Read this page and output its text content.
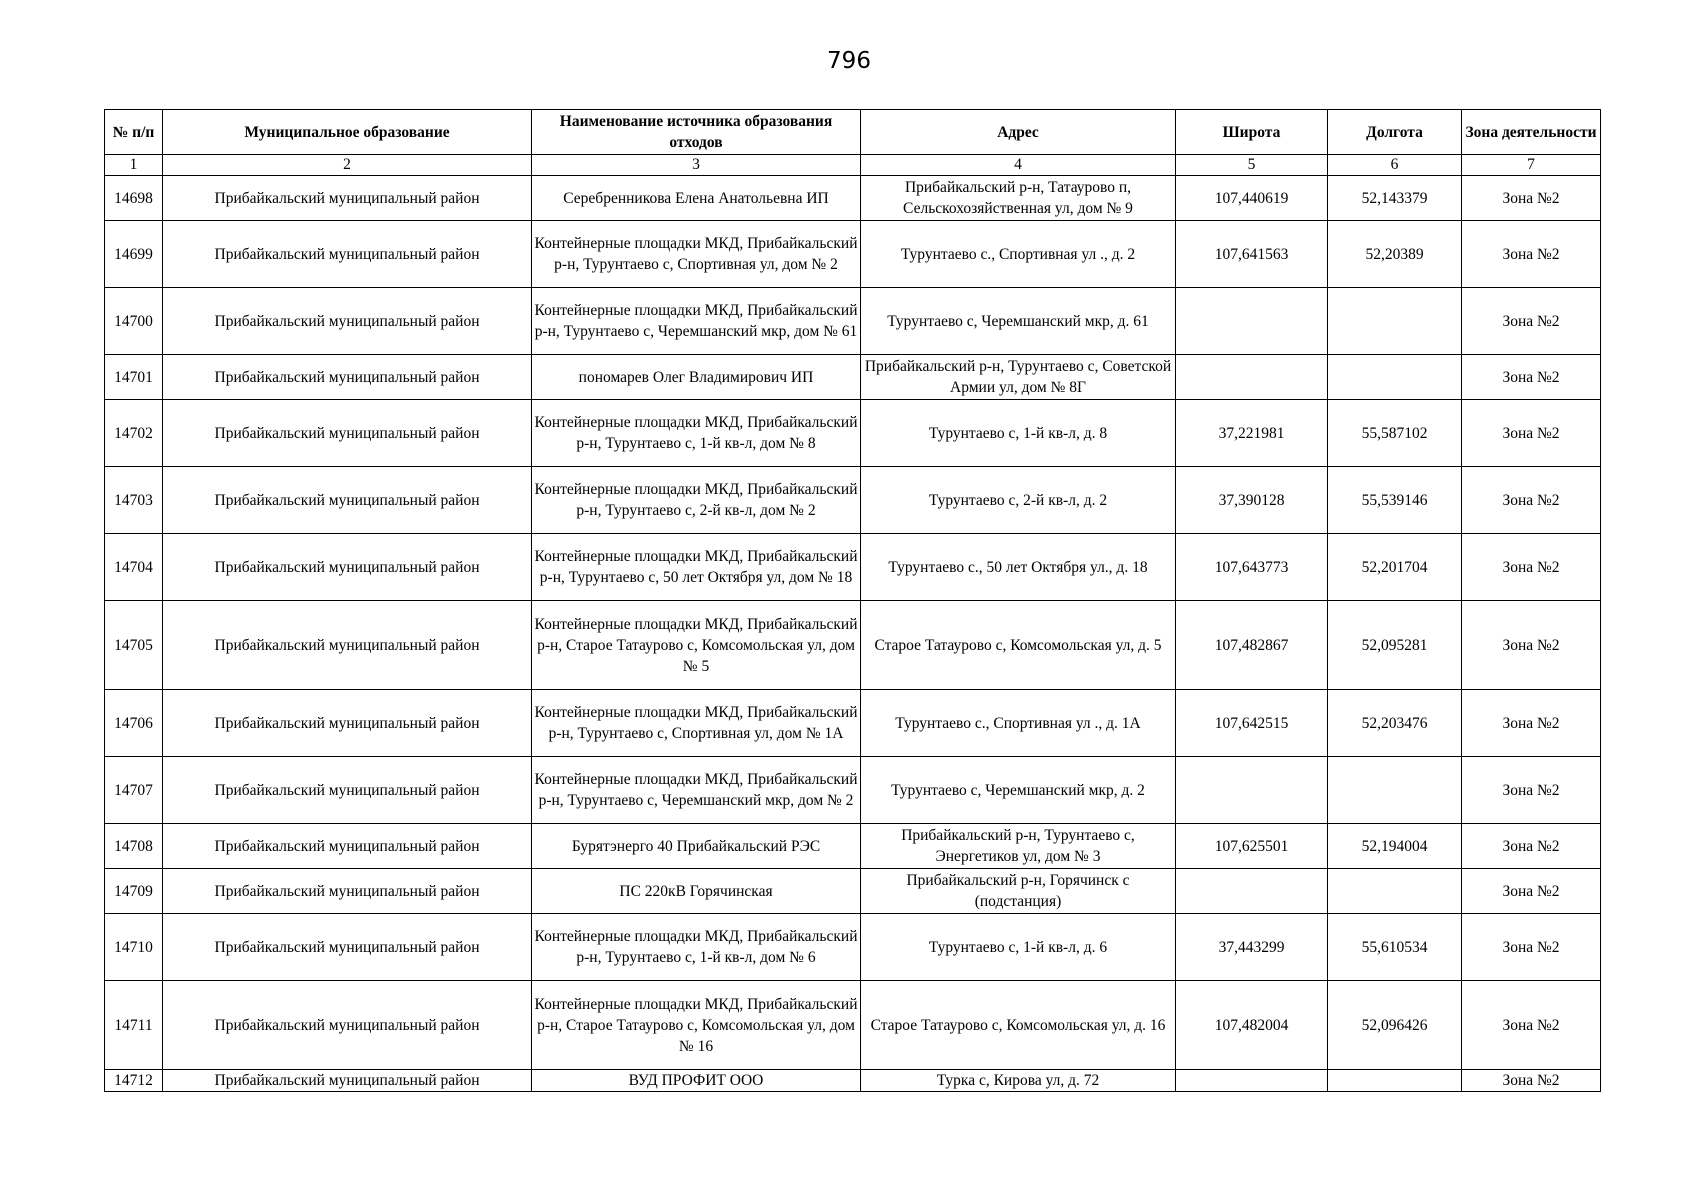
796
№ п/п	Муниципальное образование	Наименование источника образования отходов	Адрес	Широта	Долгота	Зона деятельности
1	2	3	4	5	6	7
14698	Прибайкальский муниципальный район	Серебренникова Елена Анатольевна ИП	Прибайкальский р-н, Татаурово п, Сельскохозяйственная ул, дом № 9	107,440619	52,143379	Зона №2
14699	Прибайкальский муниципальный район	Контейнерные площадки МКД, Прибайкальский р-н, Турунтаево с, Спортивная ул, дом № 2	Турунтаево с., Спортивная ул ., д. 2	107,641563	52,20389	Зона №2
14700	Прибайкальский муниципальный район	Контейнерные площадки МКД, Прибайкальский р-н, Турунтаево с, Черемшанский мкр, дом № 61	Турунтаево с, Черемшанский мкр, д. 61			Зона №2
14701	Прибайкальский муниципальный район	пономарев Олег Владимирович ИП	Прибайкальский р-н, Турунтаево с, Советской Армии ул, дом № 8Г			Зона №2
14702	Прибайкальский муниципальный район	Контейнерные площадки МКД, Прибайкальский р-н, Турунтаево с, 1-й кв-л, дом № 8	Турунтаево с, 1-й кв-л, д. 8	37,221981	55,587102	Зона №2
14703	Прибайкальский муниципальный район	Контейнерные площадки МКД, Прибайкальский р-н, Турунтаево с, 2-й кв-л, дом № 2	Турунтаево с, 2-й кв-л, д. 2	37,390128	55,539146	Зона №2
14704	Прибайкальский муниципальный район	Контейнерные площадки МКД, Прибайкальский р-н, Турунтаево с, 50 лет Октября ул, дом № 18	Турунтаево с., 50 лет Октября ул., д. 18	107,643773	52,201704	Зона №2
14705	Прибайкальский муниципальный район	Контейнерные площадки МКД, Прибайкальский р-н, Старое Татаурово с, Комсомольская ул, дом № 5	Старое Татаурово с, Комсомольская ул, д. 5	107,482867	52,095281	Зона №2
14706	Прибайкальский муниципальный район	Контейнерные площадки МКД, Прибайкальский р-н, Турунтаево с, Спортивная ул, дом № 1А	Турунтаево с., Спортивная ул ., д. 1А	107,642515	52,203476	Зона №2
14707	Прибайкальский муниципальный район	Контейнерные площадки МКД, Прибайкальский р-н, Турунтаево с, Черемшанский мкр, дом № 2	Турунтаево с, Черемшанский мкр, д. 2			Зона №2
14708	Прибайкальский муниципальный район	Бурятэнерго 40 Прибайкальский РЭС	Прибайкальский р-н, Турунтаево с, Энергетиков ул, дом № 3	107,625501	52,194004	Зона №2
14709	Прибайкальский муниципальный район	ПС 220кВ Горячинская	Прибайкальский р-н, Горячинск с (подстанция)			Зона №2
14710	Прибайкальский муниципальный район	Контейнерные площадки МКД, Прибайкальский р-н, Турунтаево с, 1-й кв-л, дом № 6	Турунтаево с, 1-й кв-л, д. 6	37,443299	55,610534	Зона №2
14711	Прибайкальский муниципальный район	Контейнерные площадки МКД, Прибайкальский р-н, Старое Татаурово с, Комсомольская ул, дом № 16	Старое Татаурово с, Комсомольская ул, д. 16	107,482004	52,096426	Зона №2
14712	Прибайкальский муниципальный район	ВУД ПРОФИТ ООО	Турка с, Кирова ул, д. 72			Зона №2
